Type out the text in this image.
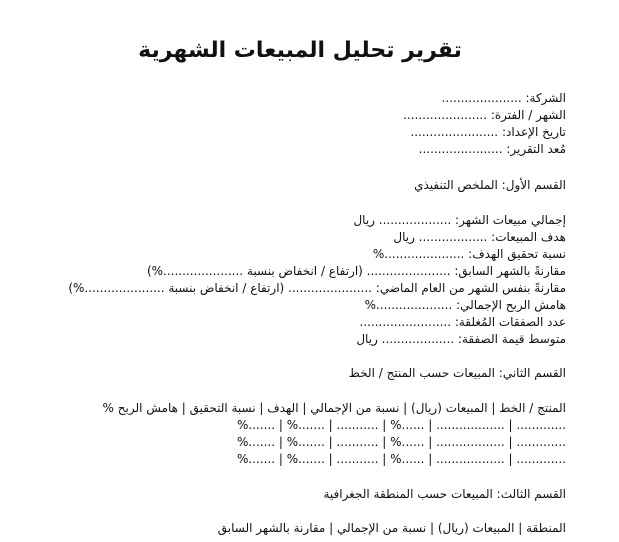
تقرير تحليل المبيعات الشهرية
الشركة: .....................
الشهر / الفترة: ......................
تاريخ الإعداد: .......................
مُعد التقرير: ......................
القسم الأول: الملخص التنفيذي
إجمالي مبيعات الشهر: ................... ريال
هدف المبيعات: .................. ريال
نسبة تحقيق الهدف: .....................%
مقارنةً بالشهر السابق: ...................... (ارتفاع / انخفاض بنسبة .....................%)
مقارنةً بنفس الشهر من العام الماضي: ...................... (ارتفاع / انخفاض بنسبة .....................%)
هامش الربح الإجمالي: ....................%
عدد الصفقات المُغلقة: ........................
متوسط قيمة الصفقة: ................... ريال
القسم الثاني: المبيعات حسب المنتج / الخط
المنتج / الخط | المبيعات (ريال) | نسبة من الإجمالي | الهدف | نسبة التحقيق | هامش الربح %
............. | .................. | ......% | ........... | .......% | .......%
............. | .................. | ......% | ........... | .......% | .......%
............. | .................. | ......% | ........... | .......% | .......%
القسم الثالث: المبيعات حسب المنطقة الجغرافية
المنطقة | المبيعات (ريال) | نسبة من الإجمالي | مقارنة بالشهر السابق
